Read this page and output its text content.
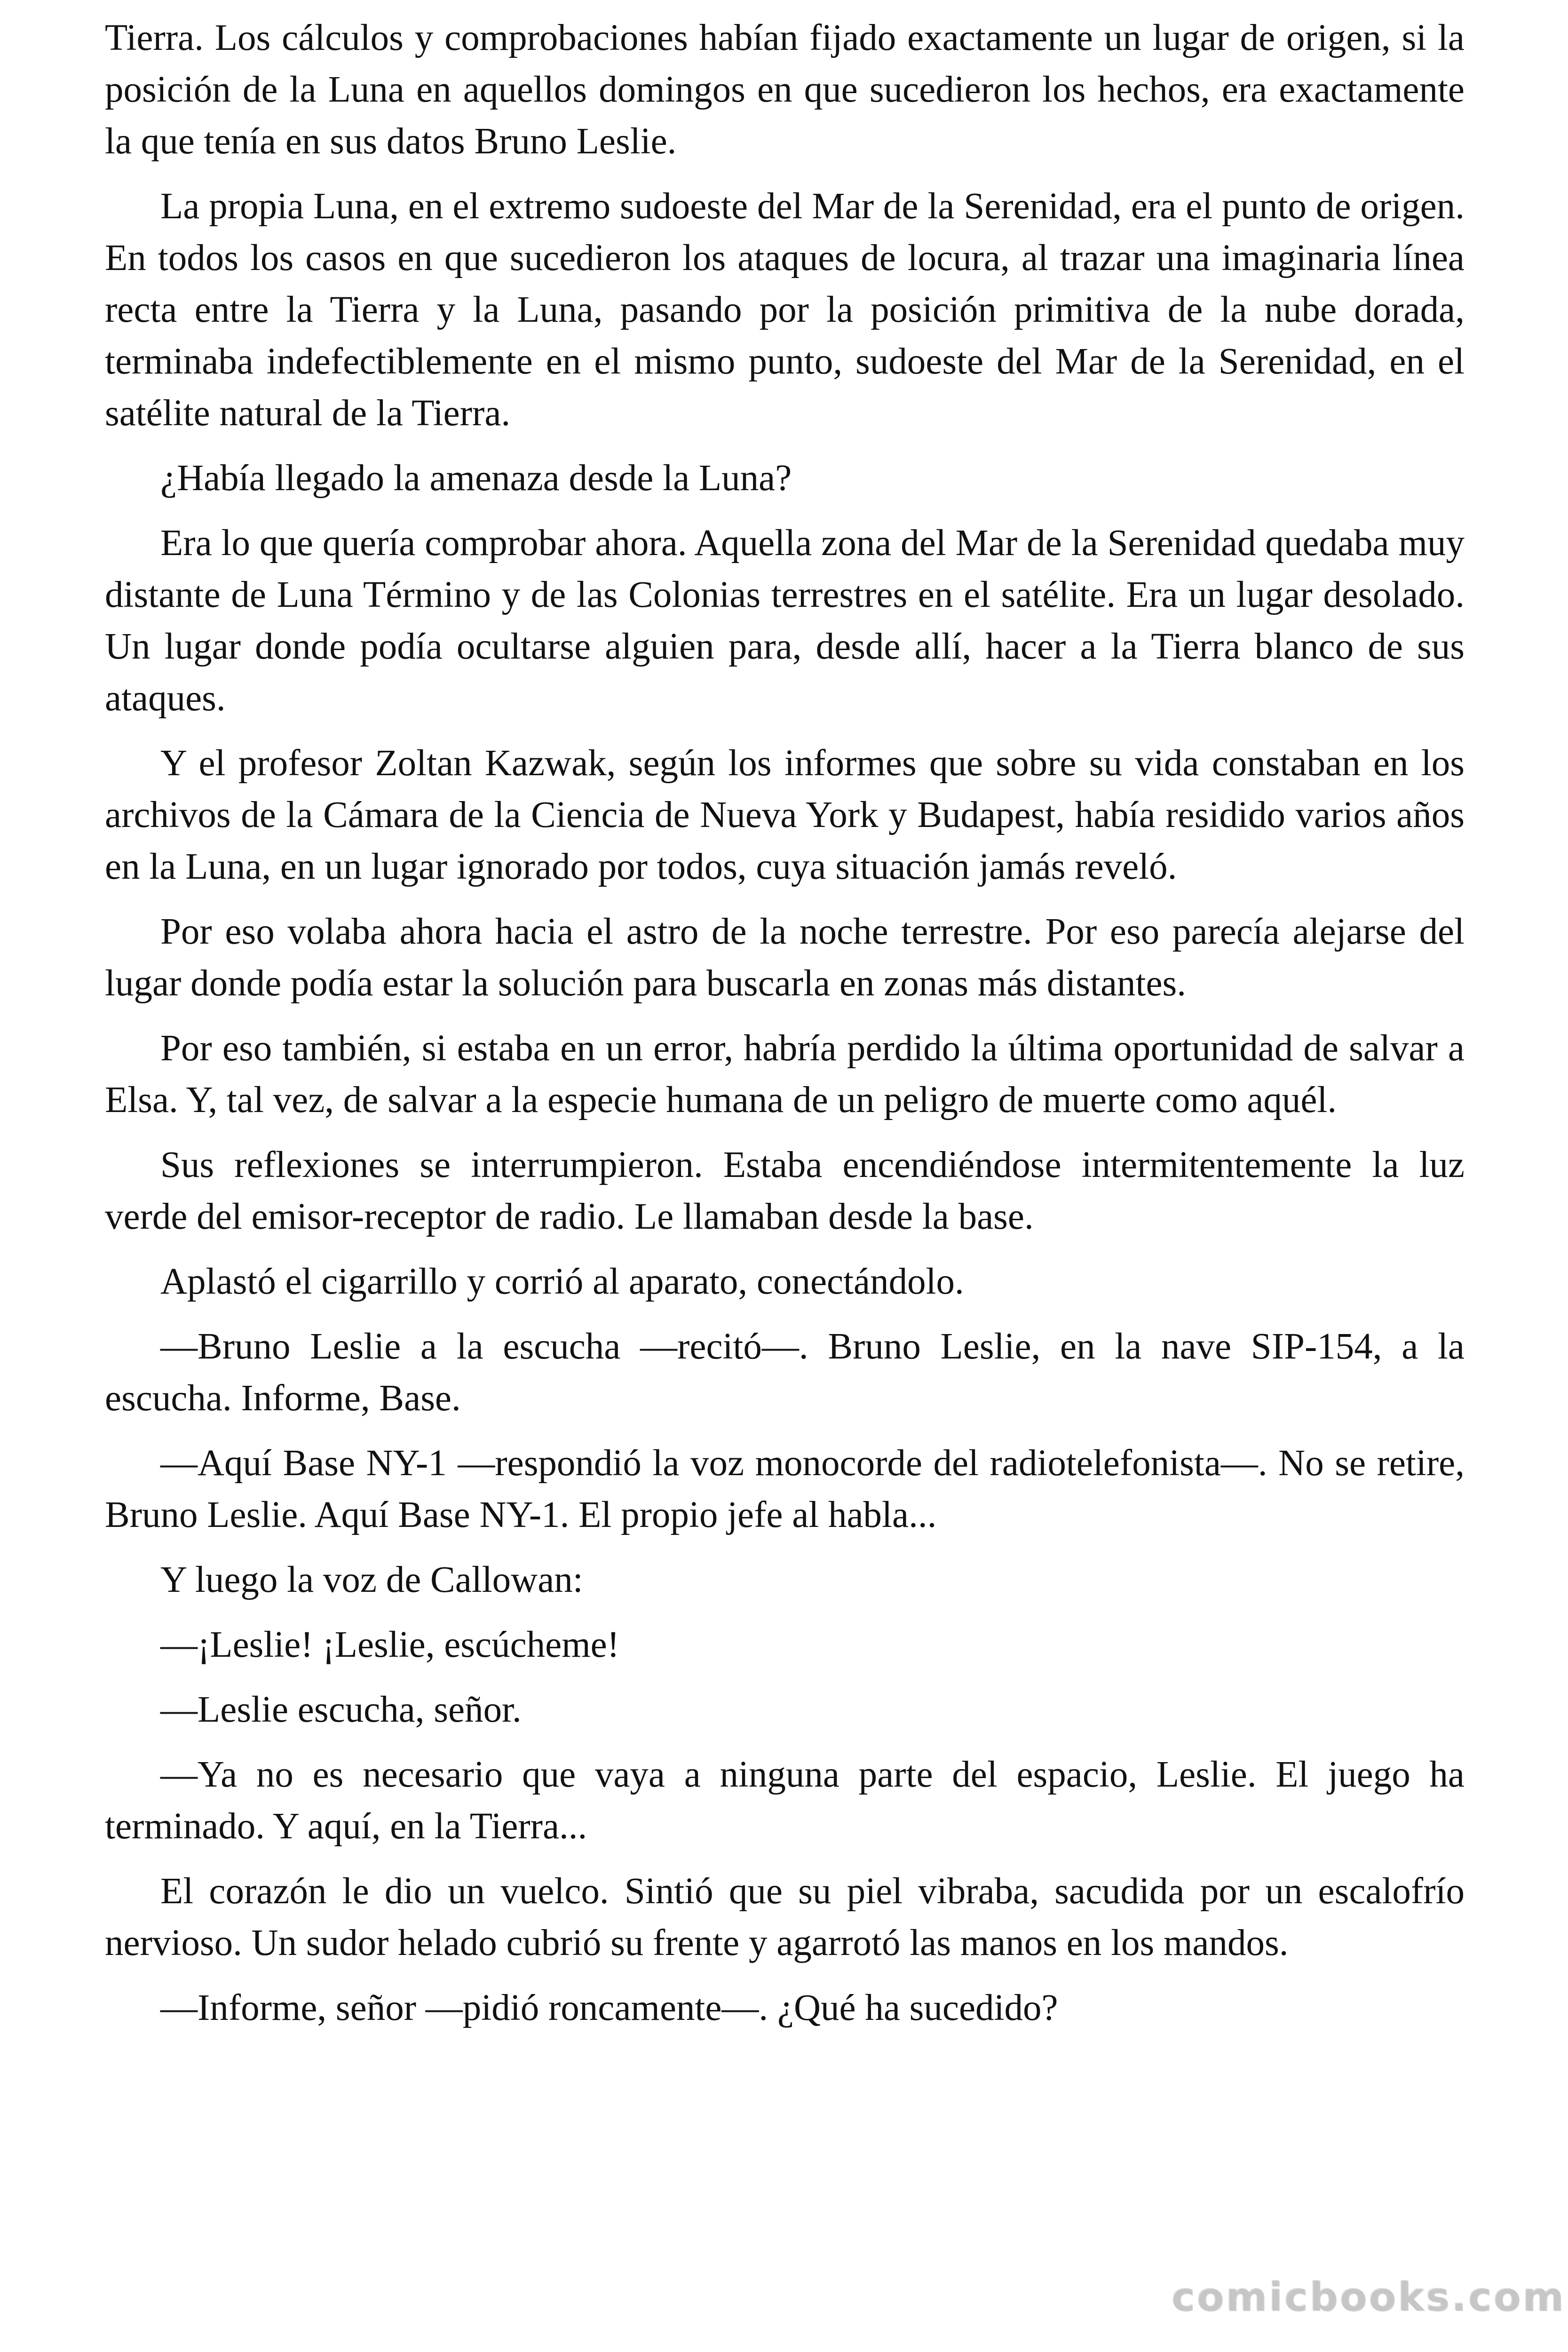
Tierra. Los cálculos y comprobaciones habían fijado exactamente un lugar de origen, si la posición de la Luna en aquellos domingos en que sucedieron los hechos, era exactamente la que tenía en sus datos Bruno Leslie.

La propia Luna, en el extremo sudoeste del Mar de la Serenidad, era el punto de origen. En todos los casos en que sucedieron los ataques de locura, al trazar una imaginaria línea recta entre la Tierra y la Luna, pasando por la posición primitiva de la nube dorada, terminaba indefectiblemente en el mismo punto, sudoeste del Mar de la Serenidad, en el satélite natural de la Tierra.

¿Había llegado la amenaza desde la Luna?

Era lo que quería comprobar ahora. Aquella zona del Mar de la Serenidad quedaba muy distante de Luna Término y de las Colonias terrestres en el satélite. Era un lugar desolado. Un lugar donde podía ocultarse alguien para, desde allí, hacer a la Tierra blanco de sus ataques.

Y el profesor Zoltan Kazwak, según los informes que sobre su vida constaban en los archivos de la Cámara de la Ciencia de Nueva York y Budapest, había residido varios años en la Luna, en un lugar ignorado por todos, cuya situación jamás reveló.

Por eso volaba ahora hacia el astro de la noche terrestre. Por eso parecía alejarse del lugar donde podía estar la solución para buscarla en zonas más distantes.

Por eso también, si estaba en un error, habría perdido la última oportunidad de salvar a Elsa. Y, tal vez, de salvar a la especie humana de un peligro de muerte como aquél.

Sus reflexiones se interrumpieron. Estaba encendiéndose intermitentemente la luz verde del emisor-receptor de radio. Le llamaban desde la base.

Aplastó el cigarrillo y corrió al aparato, conectándolo.

—Bruno Leslie a la escucha —recitó—. Bruno Leslie, en la nave SIP-154, a la escucha. Informe, Base.

—Aquí Base NY-1 —respondió la voz monocorde del radiotelefonista—. No se retire, Bruno Leslie. Aquí Base NY-1. El propio jefe al habla...

Y luego la voz de Callowan:

—¡Leslie! ¡Leslie, escúcheme!

—Leslie escucha, señor.

—Ya no es necesario que vaya a ninguna parte del espacio, Leslie. El juego ha terminado. Y aquí, en la Tierra...

El corazón le dio un vuelco. Sintió que su piel vibraba, sacudida por un escalofrío nervioso. Un sudor helado cubrió su frente y agarrotó las manos en los mandos.

—Informe, señor —pidió roncamente—. ¿Qué ha sucedido?

comicbooks.com
